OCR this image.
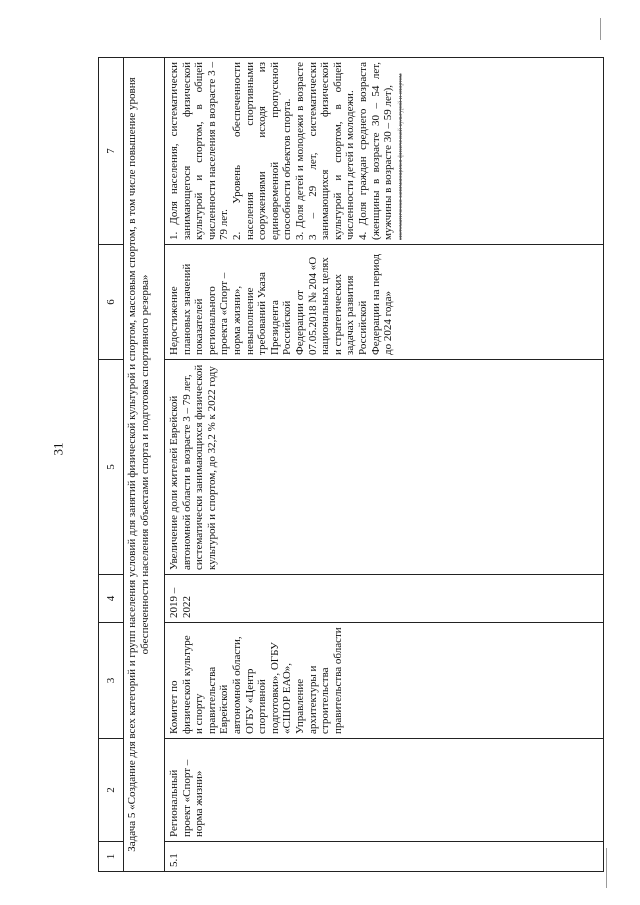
31
1
2
3
4
5
6
7 Задача 5 «Создание для всех категорий и групп населения условий для занятий физической культурой и спортом, массовым спортом, в том числе повышение уровня обеспеченности населения объектами спорта и подготовка спортивного резерва»
5.1
Региональный проект «Спорт – норма жизни»
Комитет по физической культуре и спорту правительства Еврейской автономной области, ОГБУ «Центр спортивной подготовки», ОГБУ «СШОР ЕАО», Управление архитектуры и строительства правительства области
2019 – 2022
Увеличение доли жителей Еврейской автономной области в возрасте 3 – 79 лет, систематически занимающихся физической культурой и спортом, до 32,2 % к 2022 году
Недостижение плановых значений показателей регионального проекта «Спорт – норма жизни», невыполнение требований Указа Президента Российской Федерации от 07.05.2018 № 204 «О национальных целях и стратегических задачах развития Российской Федерации на период до 2024 года»

1. Доля населения, систематически занимающегося физической культурой и спортом, в общей численности населения в возрасте 3 – 79 лет. 2. Уровень обеспеченности населения спортивными сооружениями исходя из единовременной пропускной способности объектов спорта. 3. Доля детей и молодежи в возрасте 3 – 29 лет, систематически занимающихся физической культурой и спортом, в общей численности детей и молодежи. 4. Доля граждан среднего возраста (женщины в возрасте 30 – 54 лет, мужчины в возрасте 30 – 59 лет), систематически занимающихся физической культурой и спортом
